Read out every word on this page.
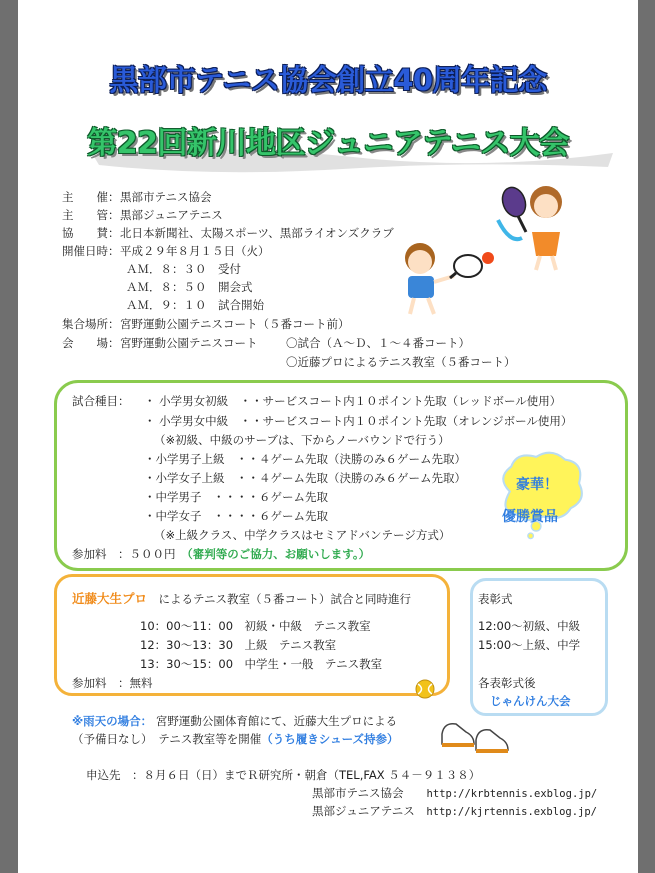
黒部市テニス協会創立40周年記念
第22回新川地区ジュニアテニス大会
主　　催：黒部市テニス協会
主　　管：黒部ジュニアテニス
協　　賛：北日本新聞社、太陽スポーツ、黒部ライオンズクラブ
開催日時：平成２９年８月１５日（火）
ＡＭ．８：３０　受付
ＡＭ．８：５０　開会式
ＡＭ．９：１０　試合開始
集合場所：宮野運動公園テニスコート（５番コート前）
会　　場：宮野運動公園テニスコート 〇試合（Ａ～Ｄ、１～４番コート）
〇近藤プロによるテニス教室（５番コート）
試合種目： ・ 小学男女初級　・・サービスコート内１０ポイント先取（レッドボール使用）
・ 小学男女中級　・・サービスコート内１０ポイント先取（オレンジボール使用）
（※初級、中級のサーブは、下からノーバウンドで行う）
・小学男子上級　・・４ゲーム先取（決勝のみ６ゲーム先取）
・小学女子上級　・・４ゲーム先取（決勝のみ６ゲーム先取）
・中学男子　・・・・６ゲーム先取
・中学女子　・・・・６ゲーム先取
（※上級クラス、中学クラスはセミアドバンテージ方式）
参加料　：５００円　 （審判等のご協力、お願いします。）
豪華！
優勝賞品
近藤大生プロ　 によるテニス教室（５番コート）試合と同時進行
10：00～11：00　初級・中級　テニス教室
12：30～13：30　上級　テニス教室
13：30～15：00　中学生・一般　テニス教室
参加料　：無料
表彰式
12:00～初級、中級
15:00～上級、中学
各表彰式後
じゃんけん大会
※雨天の場合： 宮野運動公園体育館にて、近藤大生プロによる
（予備日なし）　 テニス教室等を開催（うち履きシューズ持参）
申込先　：８月６日（日）までＲ研究所・朝倉（TEL,FAX ５４－９１３８）
黒部市テニス協会　　 http://krbtennis.exblog.jp/
黒部ジュニアテニス　 http://kjrtennis.exblog.jp/
